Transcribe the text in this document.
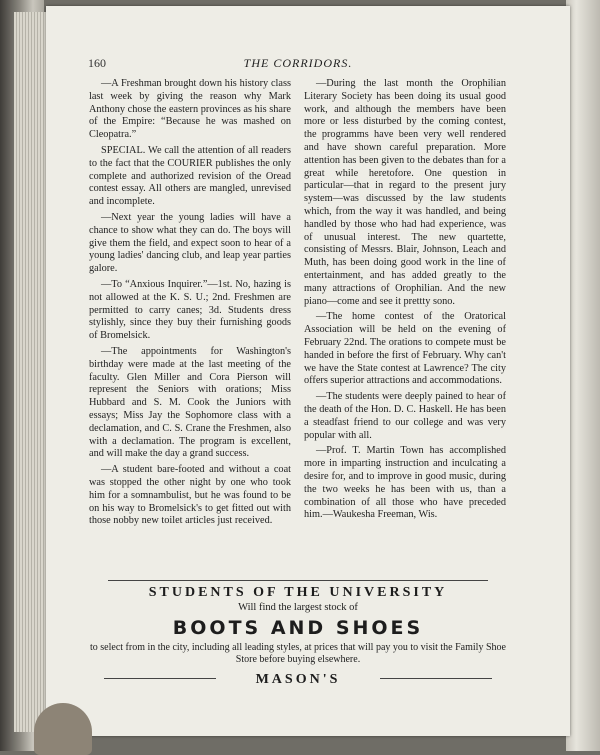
160	THE CORRIDORS.

—A Freshman brought down his history class last week by giving the reason why Mark Anthony chose the eastern provinces as his share of the Empire: “Because he was mashed on Cleopatra.”

SPECIAL. We call the attention of all readers to the fact that the COURIER publishes the only complete and authorized revision of the Oread contest essay. All others are mangled, unrevised and incomplete.

—Next year the young ladies will have a chance to show what they can do. The boys will give them the field, and expect soon to hear of a young ladies' dancing club, and leap year parties galore.

—To “Anxious Inquirer.”—1st. No, hazing is not allowed at the K. S. U.; 2nd. Freshmen are permitted to carry canes; 3d. Students dress stylishly, since they buy their furnishing goods of Bromelsick.

—The appointments for Washington's birthday were made at the last meeting of the faculty. Glen Miller and Cora Pierson will represent the Seniors with orations; Miss Hubbard and S. M. Cook the Juniors with essays; Miss Jay the Sophomore class with a declamation, and C. S. Crane the Freshmen, also with a declamation. The program is excellent, and will make the day a grand success.

—A student bare-footed and without a coat was stopped the other night by one who took him for a somnambulist, but he was found to be on his way to Bromelsick's to get fitted out with those nobby new toilet articles just received.

—During the last month the Orophilian Literary Society has been doing its usual good work, and although the members have been more or less disturbed by the coming contest, the programms have been very well rendered and have shown careful preparation. More attention has been given to the debates than for a great while heretofore. One question in particular—that in regard to the present jury system—was discussed by the law students which, from the way it was handled, and being handled by those who had had experience, was of unusual interest. The new quartette, consisting of Messrs. Blair, Johnson, Leach and Muth, has been doing good work in the line of entertainment, and has added greatly to the many attractions of Orophilian. And the new piano—come and see it prettty sono.

—The home contest of the Oratorical Association will be held on the evening of February 22nd. The orations to compete must be handed in before the first of February. Why can't we have the State contest at Lawrence? The city offers superior attractions and accommodations.

—The students were deeply pained to hear of the death of the Hon. D. C. Haskell. He has been a steadfast friend to our college and was very popular with all.

—Prof. T. Martin Town has accomplished more in imparting instruction and inculcating a desire for, and to improve in good music, during the two weeks he has been with us, than a combination of all those who have preceded him.—Waukesha Freeman, Wis.

STUDENTS OF THE UNIVERSITY
Will find the largest stock of
BOOTS AND SHOES
to select from in the city, including all leading styles, at prices that will pay you to visit the Family Shoe Store before buying elsewhere.
MASON'S
